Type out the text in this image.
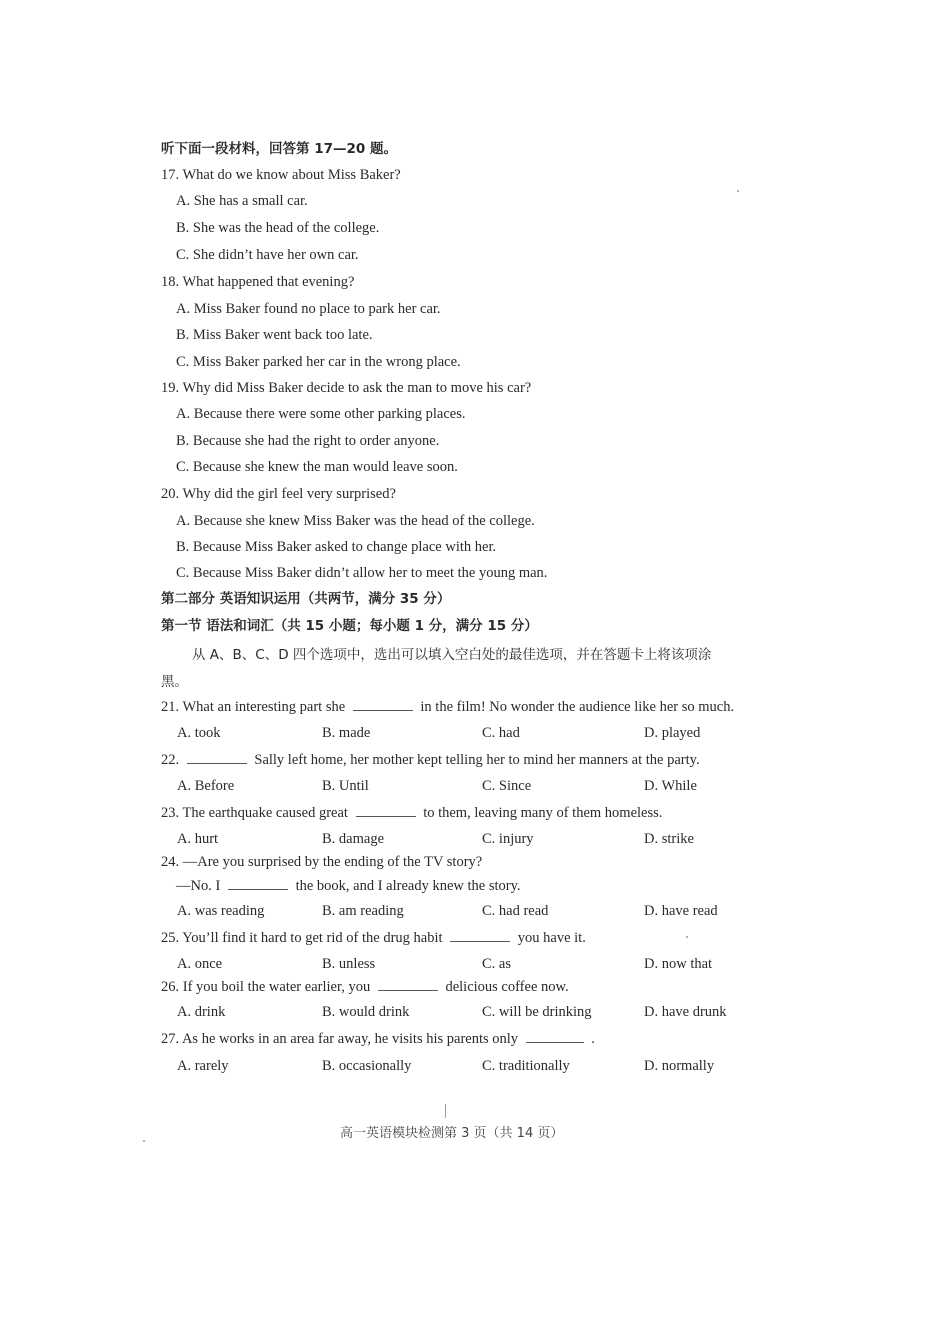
听下面一段材料，回答第 17—20 题。
17. What do we know about Miss Baker?
A. She has a small car.
B. She was the head of the college.
C. She didn’t have her own car.
18. What happened that evening?
A. Miss Baker found no place to park her car.
B. Miss Baker went back too late.
C. Miss Baker parked her car in the wrong place.
19. Why did Miss Baker decide to ask the man to move his car?
A. Because there were some other parking places.
B. Because she had the right to order anyone.
C. Because she knew the man would leave soon.
20. Why did the girl feel very surprised?
A. Because she knew Miss Baker was the head of the college.
B. Because Miss Baker asked to change place with her.
C. Because Miss Baker didn’t allow her to meet the young man.
第二部分 英语知识运用（共两节，满分 35 分）
第一节 语法和词汇（共 15 小题；每小题 1 分，满分 15 分）
从 A、B、C、D 四个选项中，选出可以填入空白处的最佳选项，并在答题卡上将该项涂
黑。
21. What an interesting part she	in the film! No wonder the audience like her so much.
A. took	B. made	C. had	D. played
22.	Sally left home, her mother kept telling her to mind her manners at the party.
A. Before	B. Until	C. Since	D. While
23. The earthquake caused great	to them, leaving many of them homeless.
A. hurt	B. damage	C. injury	D. strike
24. —Are you surprised by the ending of the TV story?
—No. I	the book, and I already knew the story.
A. was reading	B. am reading	C. had read	D. have read
25. You’ll find it hard to get rid of the drug habit	you have it.
A. once	B. unless	C. as	D. now that
26. If you boil the water earlier, you	delicious coffee now.
A. drink	B. would drink	C. will be drinking	D. have drunk
27. As he works in an area far away, he visits his parents only	.
A. rarely	B. occasionally	C. traditionally	D. normally
高一英语模块检测第 3 页（共 14 页）
